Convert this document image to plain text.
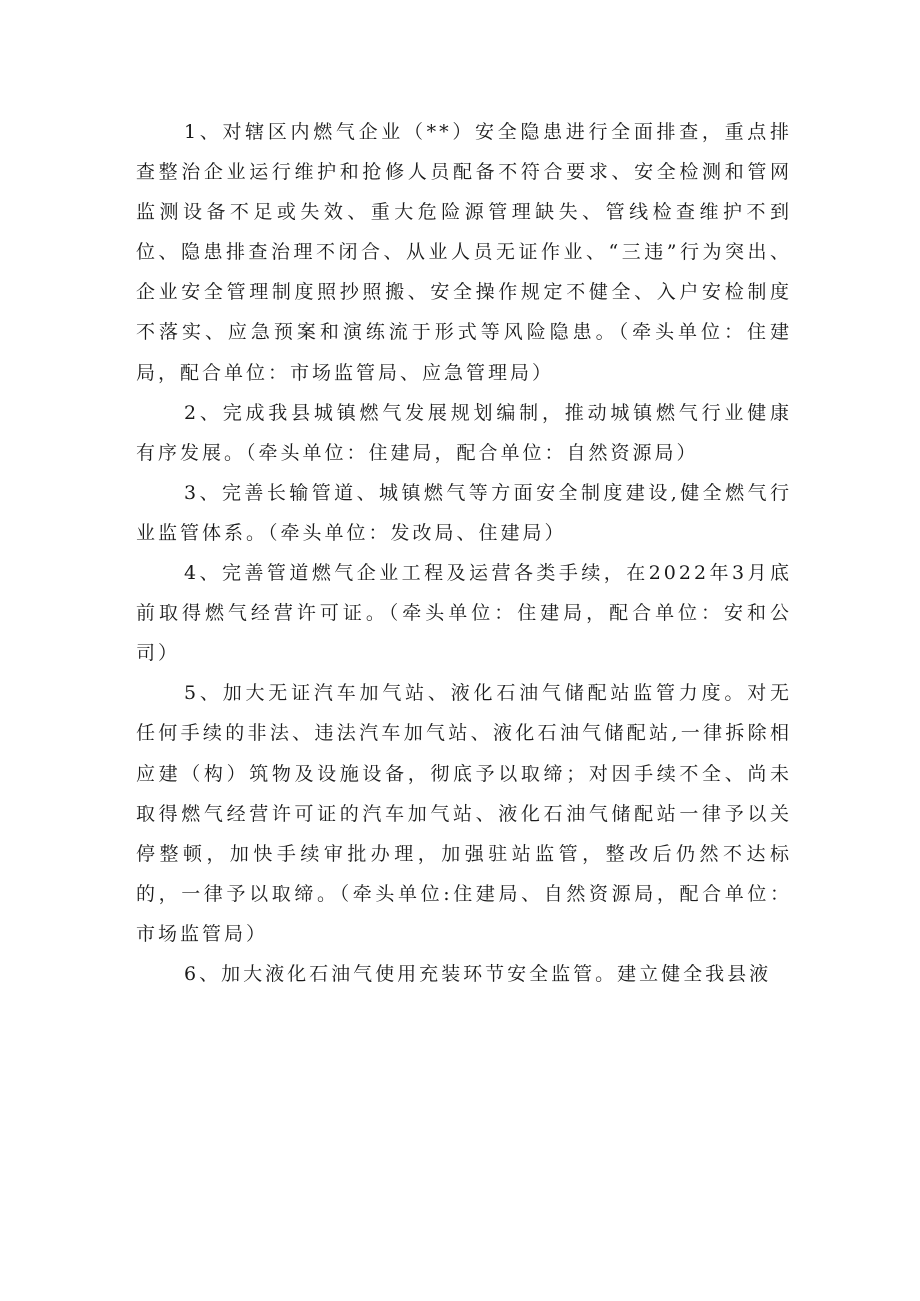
1、对辖区内燃气企业（**）安全隐患进行全面排查，重点排查整治企业运行维护和抢修人员配备不符合要求、安全检测和管网监测设备不足或失效、重大危险源管理缺失、管线检查维护不到位、隐患排查治理不闭合、从业人员无证作业、“三违”行为突出、企业安全管理制度照抄照搬、安全操作规定不健全、入户安检制度不落实、应急预案和演练流于形式等风险隐患。（牵头单位：住建局，配合单位：市场监管局、应急管理局）

2、完成我县城镇燃气发展规划编制，推动城镇燃气行业健康有序发展。（牵头单位：住建局，配合单位：自然资源局）

3、完善长输管道、城镇燃气等方面安全制度建设,健全燃气行业监管体系。（牵头单位：发改局、住建局）

4、完善管道燃气企业工程及运营各类手续，在2022年3月底前取得燃气经营许可证。（牵头单位：住建局，配合单位：安和公司）

5、加大无证汽车加气站、液化石油气储配站监管力度。对无任何手续的非法、违法汽车加气站、液化石油气储配站,一律拆除相应建（构）筑物及设施设备，彻底予以取缔；对因手续不全、尚未取得燃气经营许可证的汽车加气站、液化石油气储配站一律予以关停整顿，加快手续审批办理，加强驻站监管，整改后仍然不达标的，一律予以取缔。（牵头单位:住建局、自然资源局，配合单位：市场监管局）

6、加大液化石油气使用充装环节安全监管。建立健全我县液
